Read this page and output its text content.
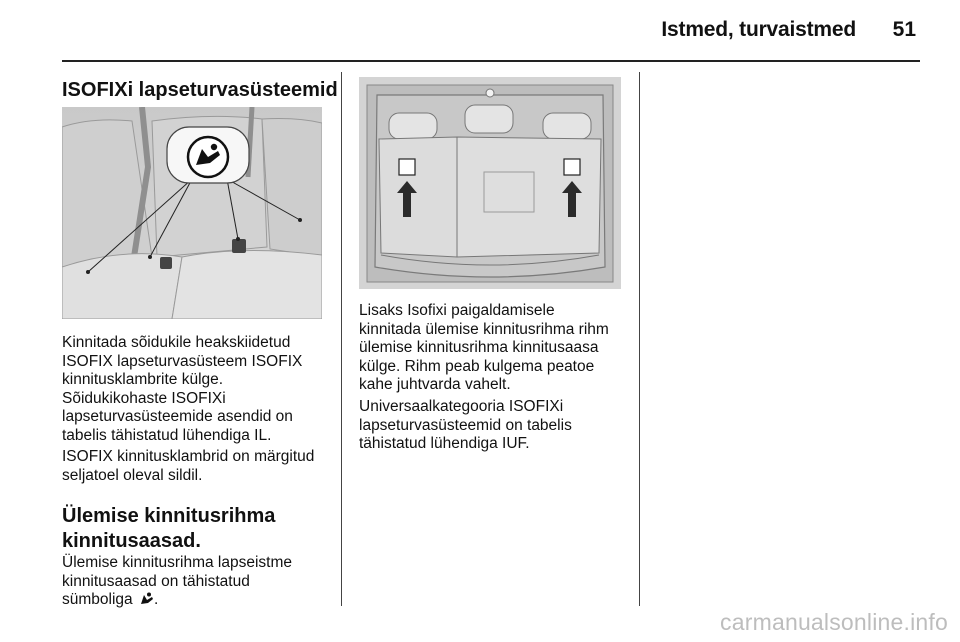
Istmed, turvaistmed 51
ISOFIXi lapseturvasüsteemid
Kinnitada sõidukile heakskiidetud
ISOFIX lapseturvasüsteem ISOFIX
kinnitusklambrite külge.
Sõidukikohaste ISOFIXi
lapseturvasüsteemide asendid on
tabelis tähistatud lühendiga IL.
ISOFIX kinnitusklambrid on märgitud
seljatoel oleval sildil.
Ülemise kinnitusrihma
kinnitusaasad.
Ülemise kinnitusrihma lapseistme
kinnitusaasad on tähistatud
sümboliga .
Lisaks Isofixi paigaldamisele
kinnitada ülemise kinnitusrihma rihm
ülemise kinnitusrihma kinnitusaasa
külge. Rihm peab kulgema peatoe
kahe juhtvarda vahelt.
Universaalkategooria ISOFIXi
lapseturvasüsteemid on tabelis
tähistatud lühendiga IUF.
carmanualsonline.info
